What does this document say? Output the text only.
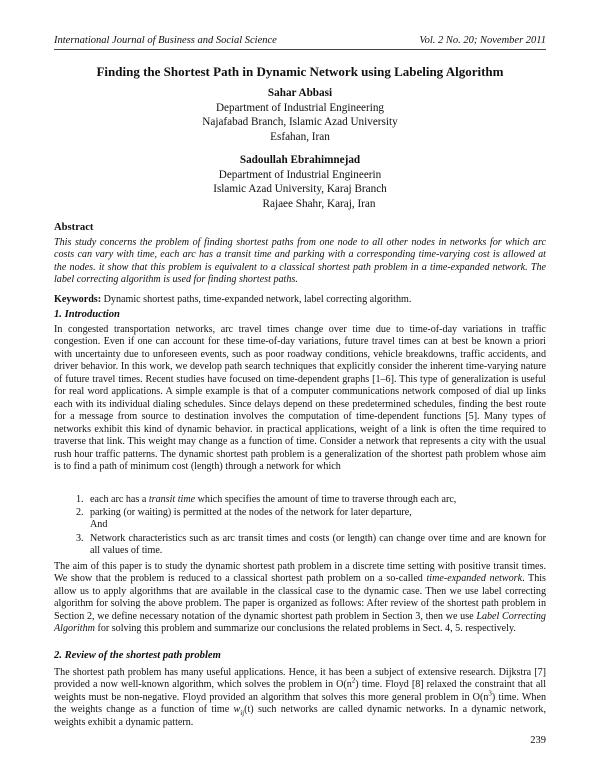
International Journal of Business and Social Science	Vol. 2 No. 20; November 2011
Finding the Shortest Path in Dynamic Network using Labeling Algorithm
Sahar Abbasi
Department of Industrial Engineering
Najafabad Branch, Islamic Azad University
Esfahan, Iran
Sadoullah Ebrahimnejad
Department of Industrial Engineerin
Islamic Azad University, Karaj Branch
Rajaee Shahr, Karaj, Iran
Abstract
This study concerns the problem of finding shortest paths from one node to all other nodes in networks for which arc costs can vary with time, each arc has a transit time and parking with a corresponding time-varying cost is allowed at the nodes. it show that this problem is equivalent to a classical shortest path problem in a time-expanded network. The label correcting algorithm is used for finding shortest paths.
Keywords: Dynamic shortest paths, time-expanded network, label correcting algorithm.
1. Introduction
In congested transportation networks, arc travel times change over time due to time-of-day variations in traffic congestion. Even if one can account for these time-of-day variations, future travel times can at best be known a priori with uncertainty due to unforeseen events, such as poor roadway conditions, vehicle breakdowns, traffic accidents, and driver behavior. In this work, we develop path search techniques that explicitly consider the inherent time-varying nature of future travel times. Recent studies have focused on time-dependent graphs [1–6]. This type of generalization is useful for real word applications. A simple example is that of a computer communications network composed of dial up links each with its individual dialing schedules. Since delays depend on these predetermined schedules, finding the best route for a message from source to destination involves the computation of time-dependent functions [5]. Many types of networks exhibit this kind of dynamic behavior. in practical applications, weight of a link is often the time required to traverse that link. This weight may change as a function of time. Consider a network that represents a city with the usual rush hour traffic patterns. The dynamic shortest path problem is a generalization of the shortest path problem whose aim is to find a path of minimum cost (length) through a network for which
1. each arc has a transit time which specifies the amount of time to traverse through each arc,
2. parking (or waiting) is permitted at the nodes of the network for later departure,
And
3. Network characteristics such as arc transit times and costs (or length) can change over time and are known for all values of time.
The aim of this paper is to study the dynamic shortest path problem in a discrete time setting with positive transit times. We show that the problem is reduced to a classical shortest path problem on a so-called time-expanded network. This allow us to apply algorithms that are available in the classical case to the dynamic case. Then we use label correcting algorithm for solving the above problem. The paper is organized as follows: After review of the shortest path problem in Section 2, we define necessary notation of the dynamic shortest path problem in Section 3, then we use Label Correcting Algorithm for solving this problem and summarize our conclusions the related problems in Sect. 4, 5. respectively.
2. Review of the shortest path problem
The shortest path problem has many useful applications. Hence, it has been a subject of extensive research. Dijkstra [7] provided a now well-known algorithm, which solves the problem in $O(n^2)$ time. Floyd [8] relaxed the constraint that all weights must be non-negative. Floyd provided an algorithm that solves this more general problem in $O(n^3)$ time. When the weights change as a function of time $w_{ij}(t)$ such networks are called dynamic networks. In a dynamic network, weights exhibit a dynamic pattern.
239
